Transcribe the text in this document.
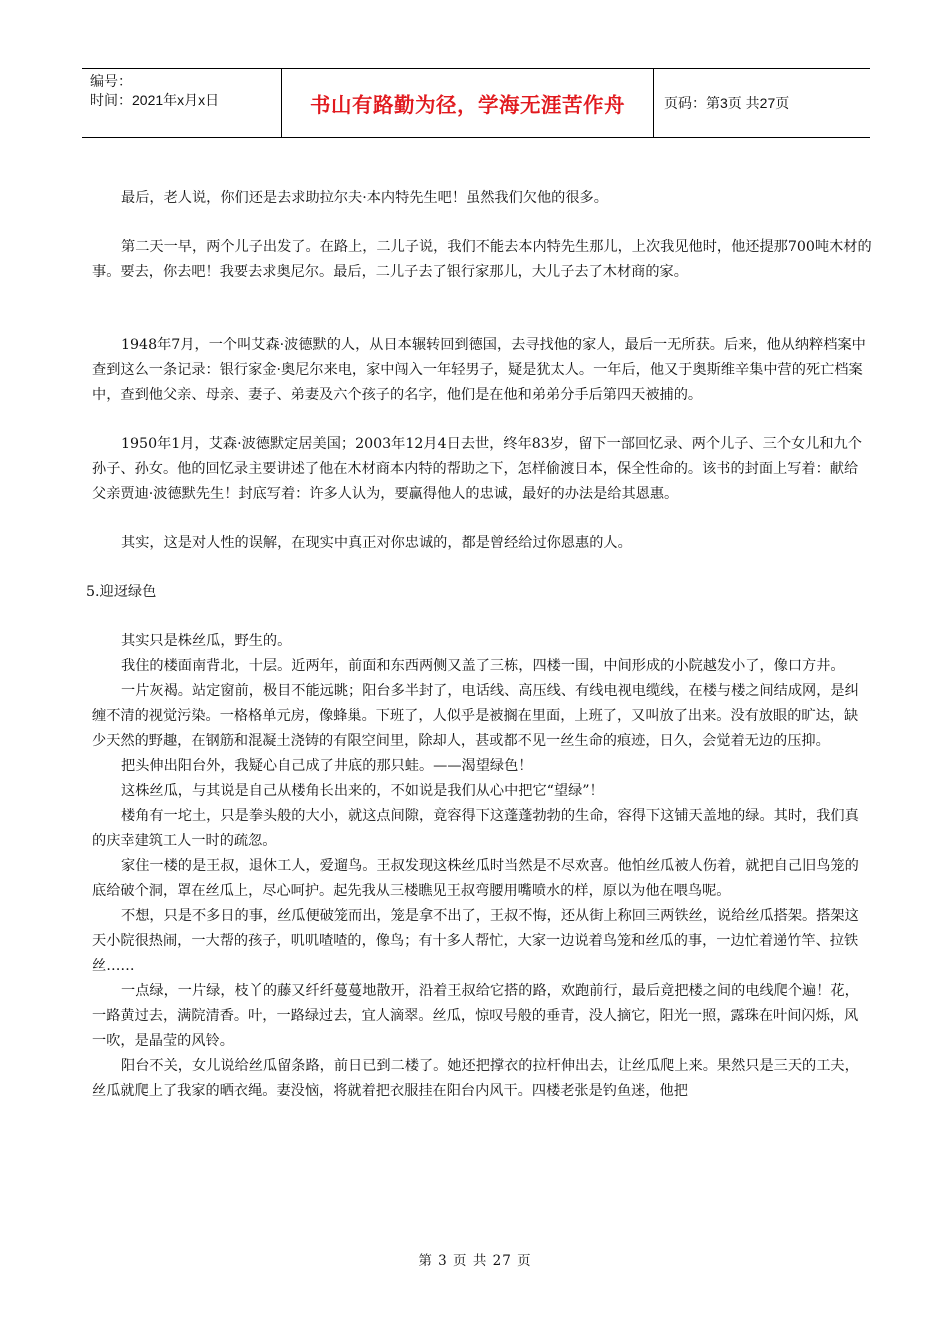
编号：
时间：2021年x月x日	书山有路勤为径，学海无涯苦作舟	页码：第3页 共27页

最后，老人说，你们还是去求助拉尔夫·本内特先生吧！虽然我们欠他的很多。

第二天一早，两个儿子出发了。在路上，二儿子说，我们不能去本内特先生那儿，上次我见他时，他还提那700吨木材的事。要去，你去吧！我要去求奥尼尔。最后，二儿子去了银行家那儿，大儿子去了木材商的家。

1948年7月，一个叫艾森·波德默的人，从日本辗转回到德国，去寻找他的家人，最后一无所获。后来，他从纳粹档案中查到这么一条记录：银行家金·奥尼尔来电，家中闯入一年轻男子，疑是犹太人。一年后，他又于奥斯维辛集中营的死亡档案中，查到他父亲、母亲、妻子、弟妻及六个孩子的名字，他们是在他和弟弟分手后第四天被捕的。

1950年1月，艾森·波德默定居美国；2003年12月4日去世，终年83岁，留下一部回忆录、两个儿子、三个女儿和九个孙子、孙女。他的回忆录主要讲述了他在木材商本内特的帮助之下，怎样偷渡日本，保全性命的。该书的封面上写着：献给父亲贾迪·波德默先生！封底写着：许多人认为，要赢得他人的忠诚，最好的办法是给其恩惠。

其实，这是对人性的误解，在现实中真正对你忠诚的，都是曾经给过你恩惠的人。

5.迎迓绿色

其实只是株丝瓜，野生的。

我住的楼面南背北，十层。近两年，前面和东西两侧又盖了三栋，四楼一围，中间形成的小院越发小了，像口方井。

一片灰褐。站定窗前，极目不能远眺；阳台多半封了，电话线、高压线、有线电视电缆线，在楼与楼之间结成网，是纠缠不清的视觉污染。一格格单元房，像蜂巢。下班了，人似乎是被搁在里面，上班了，又叫放了出来。没有放眼的旷达，缺少天然的野趣，在钢筋和混凝土浇铸的有限空间里，除却人，甚或都不见一丝生命的痕迹，日久，会觉着无边的压抑。

把头伸出阳台外，我疑心自己成了井底的那只蛙。——渴望绿色！

这株丝瓜，与其说是自己从楼角长出来的，不如说是我们从心中把它“望绿”！

楼角有一坨土，只是拳头般的大小，就这点间隙，竟容得下这蓬蓬勃勃的生命，容得下这铺天盖地的绿。其时，我们真的庆幸建筑工人一时的疏忽。

家住一楼的是王叔，退休工人，爱遛鸟。王叔发现这株丝瓜时当然是不尽欢喜。他怕丝瓜被人伤着，就把自己旧鸟笼的底给破个洞，罩在丝瓜上，尽心呵护。起先我从三楼瞧见王叔弯腰用嘴喷水的样，原以为他在喂鸟呢。

不想，只是不多日的事，丝瓜便破笼而出，笼是拿不出了，王叔不悔，还从街上称回三两铁丝，说给丝瓜搭架。搭架这天小院很热闹，一大帮的孩子，叽叽喳喳的，像鸟；有十多人帮忙，大家一边说着鸟笼和丝瓜的事，一边忙着递竹竿、拉铁丝……

一点绿，一片绿，枝丫的藤又纤纤蔓蔓地散开，沿着王叔给它搭的路，欢跑前行，最后竟把楼之间的电线爬个遍！花，一路黄过去，满院清香。叶，一路绿过去，宜人滴翠。丝瓜，惊叹号般的垂青，没人摘它，阳光一照，露珠在叶间闪烁，风一吹，是晶莹的风铃。

阳台不关，女儿说给丝瓜留条路，前日已到二楼了。她还把撑衣的拉杆伸出去，让丝瓜爬上来。果然只是三天的工夫，丝瓜就爬上了我家的晒衣绳。妻没恼，将就着把衣服挂在阳台内风干。四楼老张是钓鱼迷，他把

第 3 页 共 27 页
